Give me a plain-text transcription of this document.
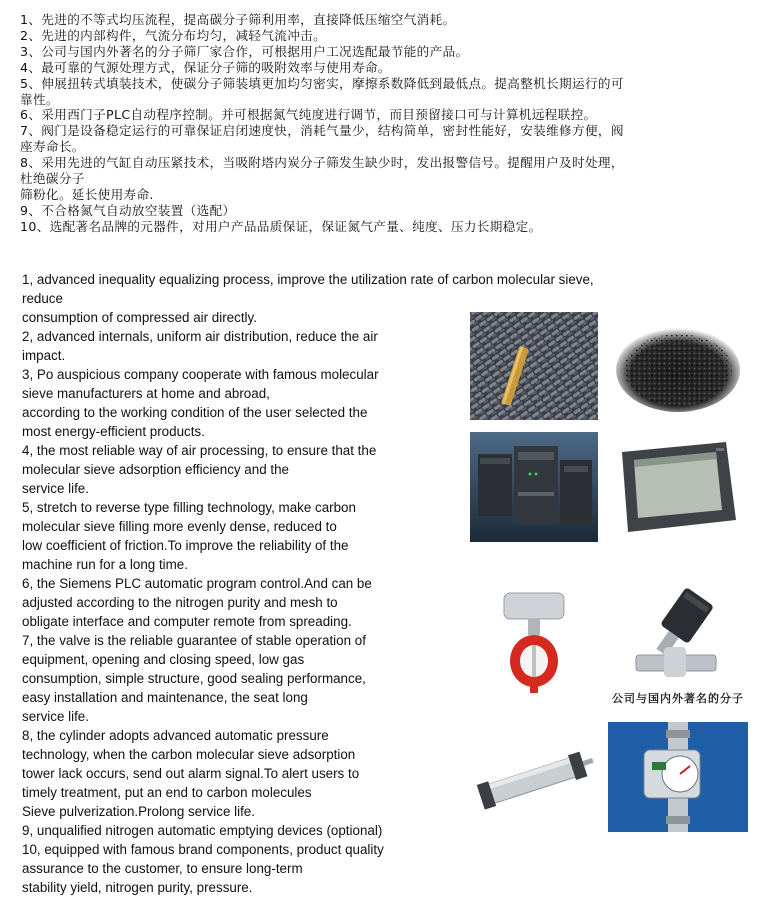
1、先进的不等式均压流程，提高碳分子筛利用率，直接降低压缩空气消耗。
2、先进的内部构件，气流分布均匀，减轻气流冲击。
3、公司与国内外著名的分子筛厂家合作，可根据用户工况选配最节能的产品。
4、最可靠的气源处理方式，保证分子筛的吸附效率与使用寿命。
5、伸展扭转式填装技术，使碳分子筛装填更加均匀密实，摩擦系数降低到最低点。提高整机长期运行的可
靠性。
6、采用西门子PLC自动程序控制。并可根据氮气纯度进行调节，而目预留接口可与计算机远程联控。
7、阀门是设备稳定运行的可靠保证启闭速度快，消耗气量少，结构简单，密封性能好，安装维修方便，阀
座寿命长。
8、采用先进的气缸自动压紧技术，当吸附塔内炭分子筛发生缺少时，发出报警信号。提醒用户及时处理，
杜绝碳分子
筛粉化。延长使用寿命.
9、不合格氮气自动放空装置（选配）
10、选配著名品牌的元器件，对用户产品品质保证，保证氮气产量、纯度、压力长期稳定。
1, advanced inequality equalizing process, improve the utilization rate of carbon molecular sieve,
reduce
consumption of compressed air directly.
2, advanced internals, uniform air distribution, reduce the air
impact.
3, Po auspicious company cooperate with famous molecular
sieve manufacturers at home and abroad,
according to the working condition of the user selected the
most energy-efficient products.
4, the most reliable way of air processing, to ensure that the
molecular sieve adsorption efficiency and the
service life.
5, stretch to reverse type filling technology, make carbon
molecular sieve filling more evenly dense, reduced to
low coefficient of friction.To improve the reliability of the
machine run for a long time.
6, the Siemens PLC automatic program control.And can be
adjusted according to the nitrogen purity and mesh to
obligate interface and computer remote from spreading.
7, the valve is the reliable guarantee of stable operation of
equipment, opening and closing speed, low gas
consumption, simple structure, good sealing performance,
easy installation and maintenance, the seat long
service life.
8, the cylinder adopts advanced automatic pressure
technology, when the carbon molecular sieve adsorption
tower lack occurs, send out alarm signal.To alert users to
timely treatment, put an end to carbon molecules
Sieve pulverization.Prolong service life.
9, unqualified nitrogen automatic emptying devices (optional)
10, equipped with famous brand components, product quality
assurance to the customer, to ensure long-term
stability yield, nitrogen purity, pressure.
公司与国内外著名的分子
